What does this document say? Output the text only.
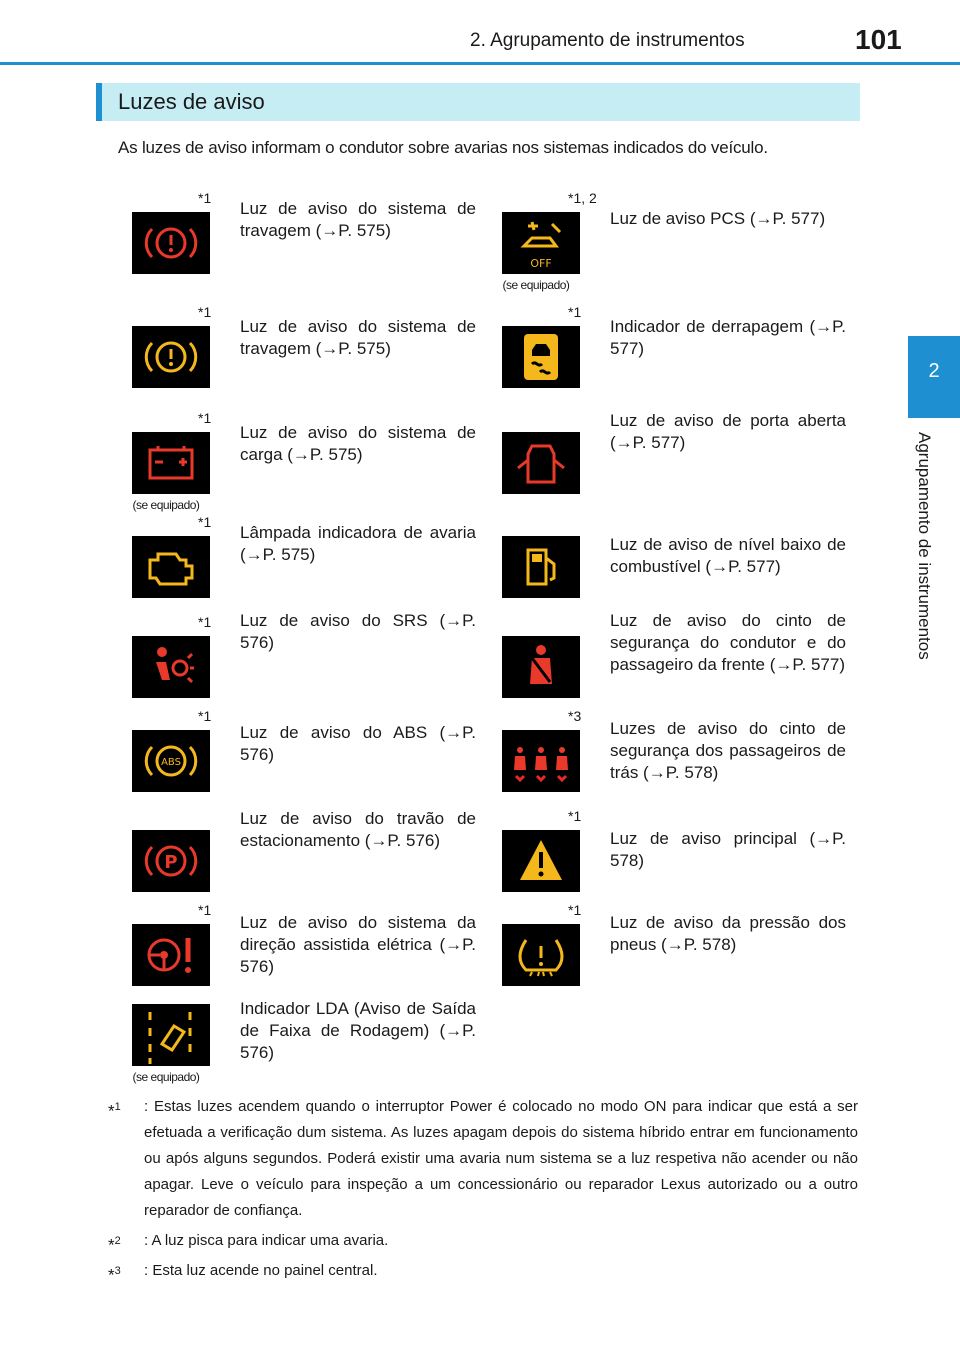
2. Agrupamento de instrumentos	101
2
Agrupamento de instrumentos
Luzes de aviso
As luzes de aviso informam o condutor sobre avarias nos sistemas indicados do veículo.
*1
Luz de aviso do sistema de travagem (→P. 575)
OFF
*1, 2
(se equipado)
Luz de aviso PCS (→P. 577)
*1
Luz de aviso do sistema de travagem (→P. 575)
*1
Indicador de derrapagem (→P. 577)
*1
(se equipado)
Luz de aviso do sistema de carga (→P. 575)
Luz de aviso de porta aberta (→P. 577)
*1
Lâmpada indicadora de avaria (→P. 575)
Luz de aviso de nível baixo de combustível (→P. 577)
*1 Luz de aviso do SRS (→P. 576)
Luz de aviso do cinto de segurança do condutor e do passageiro da frente (→P. 577)
ABS
*1
Luz de aviso do ABS (→P. 576)
*3
Luzes de aviso do cinto de segurança dos passageiros de trás (→P. 578)
P
Luz de aviso do travão de estacionamento (→P. 576)
*1
Luz de aviso principal (→P. 578)
*1
Luz de aviso do sistema da direção assistida elétrica (→P. 576)
*1
Luz de aviso da pressão dos pneus (→P. 578)
(se equipado)
Indicador LDA (Aviso de Saída de Faixa de Rodagem) (→P. 576)
*$^1$ : Estas luzes acendem quando o interruptor Power é colocado no modo ON para indicar que está a ser efetuada a verificação dum sistema. As luzes apagam depois do sistema híbrido entrar em funcionamento ou após alguns segundos. Poderá existir uma avaria num sistema se a luz respetiva não acender ou não apagar. Leve o veículo para inspeção a um concessionário ou reparador Lexus autorizado ou a outro reparador de confiança.
*$^2$ : A luz pisca para indicar uma avaria.
*$^3$ : Esta luz acende no painel central.
